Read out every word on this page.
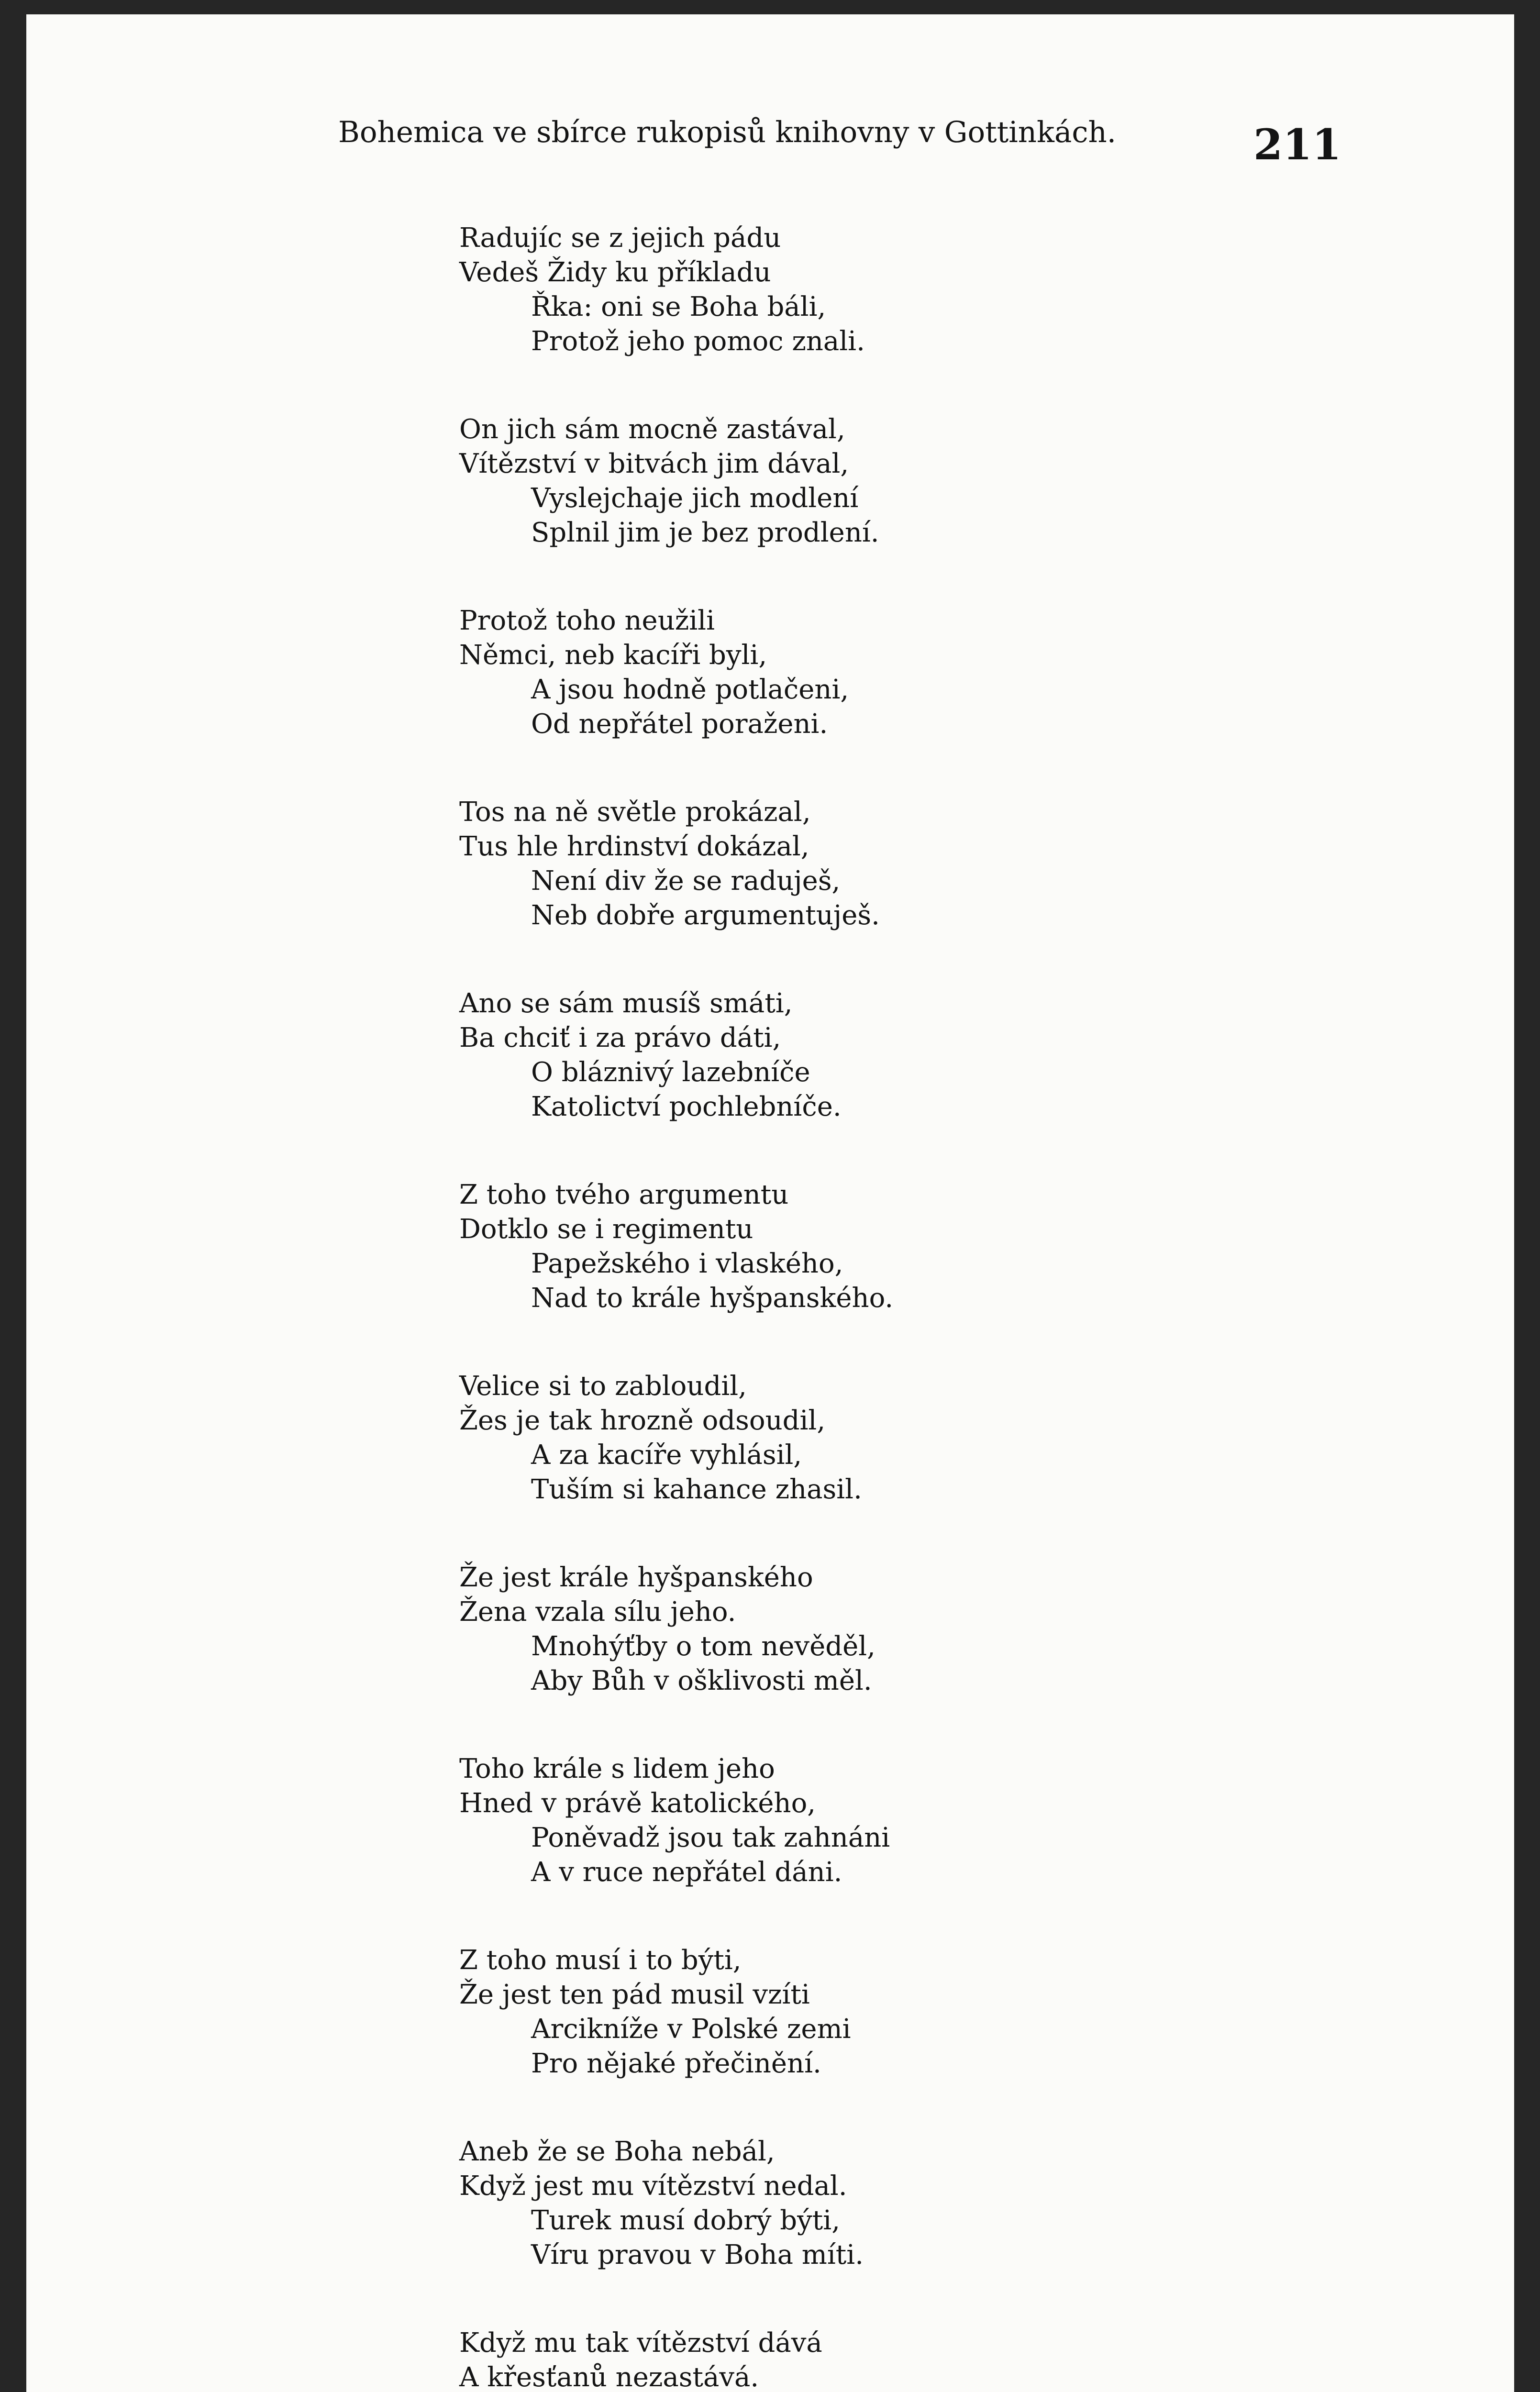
Bohemica ve sbírce rukopisů knihovny v Gottinkách.	211
Radujíc se z jejich pádu
Vedeš Židy ku příkladu
Řka: oni se Boha báli,
Protož jeho pomoc znali.
On jich sám mocně zastával,
Vítězství v bitvách jim dával,
Vyslejchaje jich modlení
Splnil jim je bez prodlení.
Protož toho neužili
Němci, neb kacíři byli,
A jsou hodně potlačeni,
Od nepřátel poraženi.
Tos na ně světle prokázal,
Tus hle hrdinství dokázal,
Není div že se raduješ,
Neb dobře argumentuješ.
Ano se sám musíš smáti,
Ba chciť i za právo dáti,
O bláznivý lazebníče
Katolictví pochlebníče.
Z toho tvého argumentu
Dotklo se i regimentu
Papežského i vlaského,
Nad to krále hyšpanského.
Velice si to zabloudil,
Žes je tak hrozně odsoudil,
A za kacíře vyhlásil,
Tuším si kahance zhasil.
Že jest krále hyšpanského
Žena vzala sílu jeho.
Mnohýťby o tom nevěděl,
Aby Bůh v ošklivosti měl.
Toho krále s lidem jeho
Hned v právě katolického,
Poněvadž jsou tak zahnáni
A v ruce nepřátel dáni.
Z toho musí i to býti,
Že jest ten pád musil vzíti
Arcikníže v Polské zemi
Pro nějaké přečinění.
Aneb že se Boha nebál,
Když jest mu vítězství nedal.
Turek musí dobrý býti,
Víru pravou v Boha míti.
Když mu tak vítězství dává
A křesťanů nezastává.
